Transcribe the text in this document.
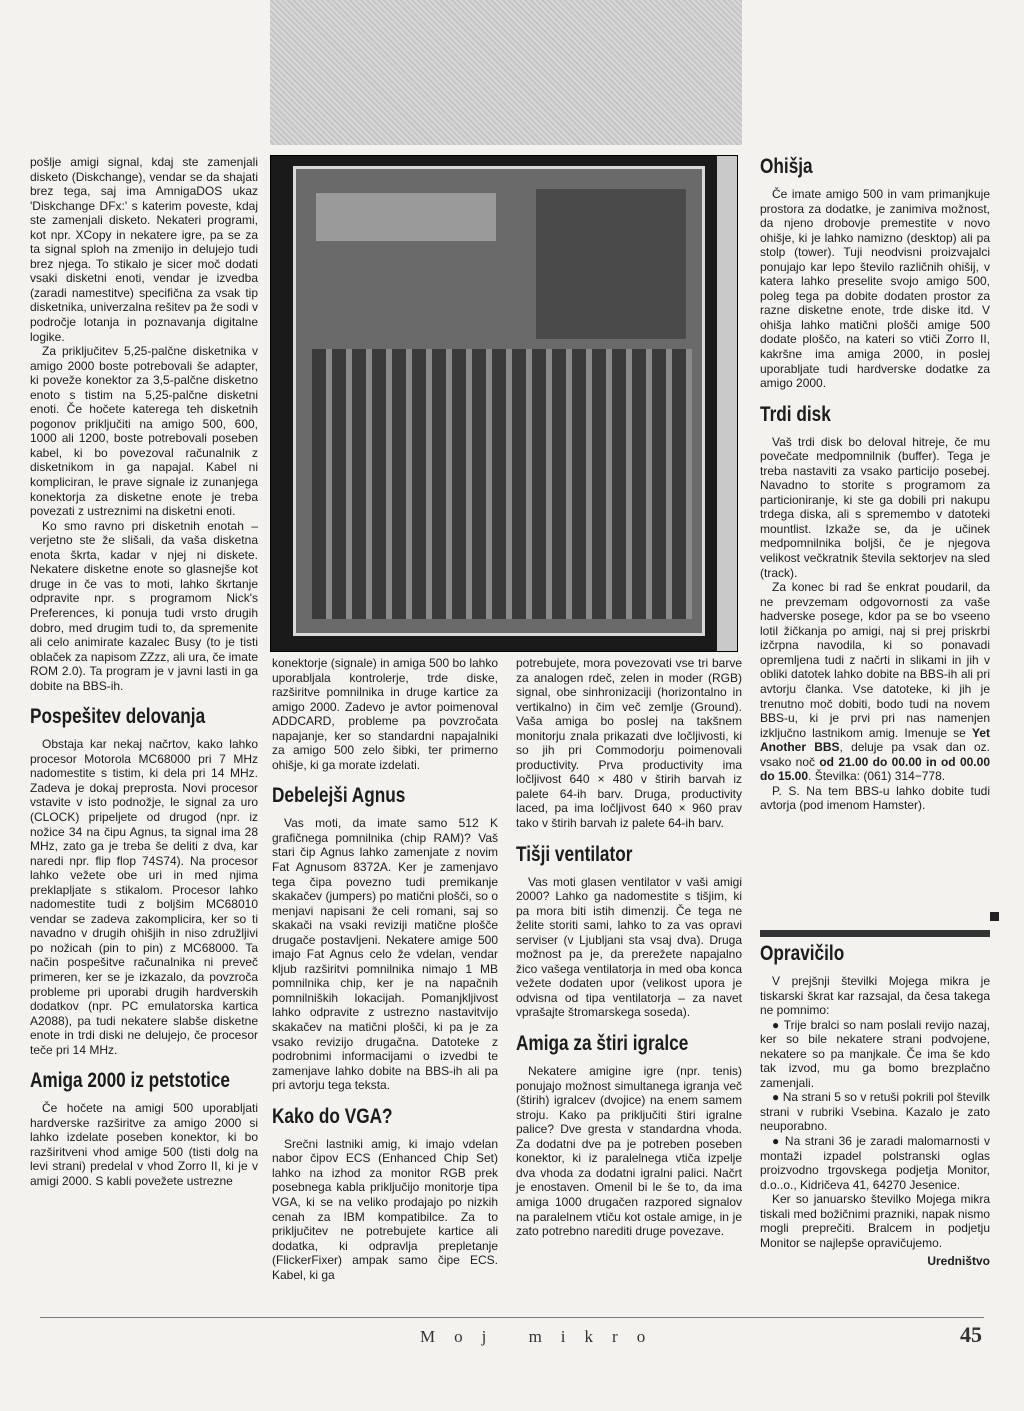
pošlje amigi signal, kdaj ste zamenjali disketo (Diskchange), vendar se da shajati brez tega, saj ima AmnigaDOS ukaz 'Diskchange DFx:' s katerim poveste, kdaj ste zamenjali disketo. Nekateri programi, kot npr. XCopy in nekatere igre, pa se za ta signal sploh na zmenijo in delujejo tudi brez njega. To stikalo je sicer moč dodati vsaki disketni enoti, vendar je izvedba (zaradi namestitve) specifična za vsak tip disketnika, univerzalna rešitev pa že sodi v področje lotanja in poznavanja digitalne logike.

Za priključitev 5,25-palčne disketnika v amigo 2000 boste potrebovali še adapter, ki poveže konektor za 3,5-palčne disketno enoto s tistim na 5,25-palčne disketni enoti. Če hočete katerega teh disketnih pogonov priključiti na amigo 500, 600, 1000 ali 1200, boste potrebovali poseben kabel, ki bo povezoval računalnik z disketnikom in ga napajal. Kabel ni kompliciran, le prave signale iz zunanjega konektorja za disketne enote je treba povezati z ustreznimi na disketni enoti.

Ko smo ravno pri disketnih enotah – verjetno ste že slišali, da vaša disketna enota škrta, kadar v njej ni diskete. Nekatere disketne enote so glasnejše kot druge in če vas to moti, lahko škrtanje odpravite npr. s programom Nick's Preferences, ki ponuja tudi vrsto drugih dobro, med drugim tudi to, da spremenite ali celo animirate kazalec Busy (to je tisti oblaček za napisom ZZzz, ali ura, če imate ROM 2.0). Ta program je v javni lasti in ga dobite na BBS-ih.

Pospešitev delovanja

Obstaja kar nekaj načrtov, kako lahko procesor Motorola MC68000 pri 7 MHz nadomestite s tistim, ki dela pri 14 MHz. Zadeva je dokaj preprosta. Novi procesor vstavite v isto podnožje, le signal za uro (CLOCK) pripeljete od drugod (npr. iz nožice 34 na čipu Agnus, ta signal ima 28 MHz, zato ga je treba še deliti z dva, kar naredi npr. flip flop 74S74). Na procesor lahko vežete obe uri in med njima preklapljate s stikalom. Procesor lahko nadomestite tudi z boljšim MC68010 vendar se zadeva zakomplicira, ker so ti navadno v drugih ohišjih in niso združljivi po nožicah (pin to pin) z MC68000. Ta način pospešitve računalnika ni preveč primeren, ker se je izkazalo, da povzroča probleme pri uporabi drugih hardverskih dodatkov (npr. PC emulatorska kartica A2088), pa tudi nekatere slabše disketne enote in trdi diski ne delujejo, če procesor teče pri 14 MHz.

Amiga 2000 iz petstotice

Če hočete na amigi 500 uporabljati hardverske razširitve za amigo 2000 si lahko izdelate poseben konektor, ki bo razširitveni vhod amige 500 (tisti dolg na levi strani) predelal v vhod Zorro II, ki je v amigi 2000. S kabli povežete ustrezne

konektorje (signale) in amiga 500 bo lahko uporabljala kontrolerje, trde diske, razširitve pomnilnika in druge kartice za amigo 2000. Zadevo je avtor poimenoval ADDCARD, probleme pa povzročata napajanje, ker so standardni napajalniki za amigo 500 zelo šibki, ter primerno ohišje, ki ga morate izdelati.

Debelejši Agnus

Vas moti, da imate samo 512 K grafičnega pomnilnika (chip RAM)? Vaš stari čip Agnus lahko zamenjate z novim Fat Agnusom 8372A. Ker je zamenjavo tega čipa povezno tudi premikanje skakačev (jumpers) po matični plošči, so o menjavi napisani že celi romani, saj so skakači na vsaki reviziji matične plošče drugače postavljeni. Nekatere amige 500 imajo Fat Agnus celo že vdelan, vendar kljub razširitvi pomnilnika nimajo 1 MB pomnilnika chip, ker je na napačnih pomnilniških lokacijah. Pomanjkljivost lahko odpravite z ustrezno nastavitvijo skakačev na matični plošči, ki pa je za vsako revizijo drugačna. Datoteke z podrobnimi informacijami o izvedbi te zamenjave lahko dobite na BBS-ih ali pa pri avtorju tega teksta.

Kako do VGA?

Srečni lastniki amig, ki imajo vdelan nabor čipov ECS (Enhanced Chip Set) lahko na izhod za monitor RGB prek posebnega kabla priključijo monitorje tipa VGA, ki se na veliko prodajajo po nizkih cenah za IBM kompatibilce. Za to priključitev ne potrebujete kartice ali dodatka, ki odpravlja prepletanje (FlickerFixer) ampak samo čipe ECS. Kabel, ki ga

potrebujete, mora povezovati vse tri barve za analogen rdeč, zelen in moder (RGB) signal, obe sinhronizaciji (horizontalno in vertikalno) in čim več zemlje (Ground). Vaša amiga bo poslej na takšnem monitorju znala prikazati dve ločljivosti, ki so jih pri Commodorju poimenovali productivity. Prva productivity ima ločljivost 640 × 480 v štirih barvah iz palete 64-ih barv. Druga, productivity laced, pa ima ločljivost 640 × 960 prav tako v štirih barvah iz palete 64-ih barv.

Tišji ventilator

Vas moti glasen ventilator v vaši amigi 2000? Lahko ga nadomestite s tišjim, ki pa mora biti istih dimenzij. Če tega ne želite storiti sami, lahko to za vas opravi serviser (v Ljubljani sta vsaj dva). Druga možnost pa je, da prerežete napajalno žico vašega ventilatorja in med oba konca vežete dodaten upor (velikost upora je odvisna od tipa ventilatorja – za navet vprašajte štromarskega soseda).

Amiga za štiri igralce

Nekatere amigine igre (npr. tenis) ponujajo možnost simultanega igranja več (štirih) igralcev (dvojice) na enem samem stroju. Kako pa priključiti štiri igralne palice? Dve gresta v standardna vhoda. Za dodatni dve pa je potreben poseben konektor, ki iz paralelnega vtiča izpelje dva vhoda za dodatni igralni palici. Načrt je enostaven. Omenil bi le še to, da ima amiga 1000 drugačen razpored signalov na paralelnem vtiču kot ostale amige, in je zato potrebno narediti druge povezave.

Ohišja

Če imate amigo 500 in vam primanjkuje prostora za dodatke, je zanimiva možnost, da njeno drobovje premestite v novo ohišje, ki je lahko namizno (desktop) ali pa stolp (tower). Tuji neodvisni proizvajalci ponujajo kar lepo število različnih ohišij, v katera lahko preselite svojo amigo 500, poleg tega pa dobite dodaten prostor za razne disketne enote, trde diske itd. V ohišja lahko matični plošči amige 500 dodate ploščo, na kateri so vtiči Zorro II, kakršne ima amiga 2000, in poslej uporabljate tudi hardverske dodatke za amigo 2000.

Trdi disk

Vaš trdi disk bo deloval hitreje, če mu povečate medpomnilnik (buffer). Tega je treba nastaviti za vsako particijo posebej. Navadno to storite s programom za particioniranje, ki ste ga dobili pri nakupu trdega diska, ali s spremembo v datoteki mountlist. Izkaže se, da je učinek medpomnilnika boljši, če je njegova velikost večkratnik števila sektorjev na sled (track).

Za konec bi rad še enkrat poudaril, da ne prevzemam odgovornosti za vaše hadverske posege, kdor pa se bo vseeno lotil žičkanja po amigi, naj si prej priskrbi izčrpna navodila, ki so ponavadi opremljena tudi z načrti in slikami in jih v obliki datotek lahko dobite na BBS-ih ali pri avtorju članka. Vse datoteke, ki jih je trenutno moč dobiti, bodo tudi na novem BBS-u, ki je prvi pri nas namenjen izključno lastnikom amig. Imenuje se Yet Another BBS, deluje pa vsak dan oz. vsako noč od 21.00 do 00.00 in od 00.00 do 15.00. Številka: (061) 314−778.

P. S. Na tem BBS-u lahko dobite tudi avtorja (pod imenom Hamster).

Opravičilo

V prejšnji številki Mojega mikra je tiskarski škrat kar razsajal, da česa takega ne pomnimo:

● Trije bralci so nam poslali revijo nazaj, ker so bile nekatere strani podvojene, nekatere so pa manjkale. Če ima še kdo tak izvod, mu ga bomo brezplačno zamenjali.

● Na strani 5 so v retuši pokrili pol številk strani v rubriki Vsebina. Kazalo je zato neuporabno.

● Na strani 36 je zaradi malomarnosti v montaži izpadel polstranski oglas proizvodno trgovskega podjetja Monitor, d.o..o., Kidričeva 41, 64270 Jesenice.

Ker so januarsko številko Mojega mikra tiskali med božičnimi prazniki, napak nismo mogli preprečiti. Bralcem in podjetju Monitor se najlepše opravičujemo.

Uredništvo

Moj mikro	45
